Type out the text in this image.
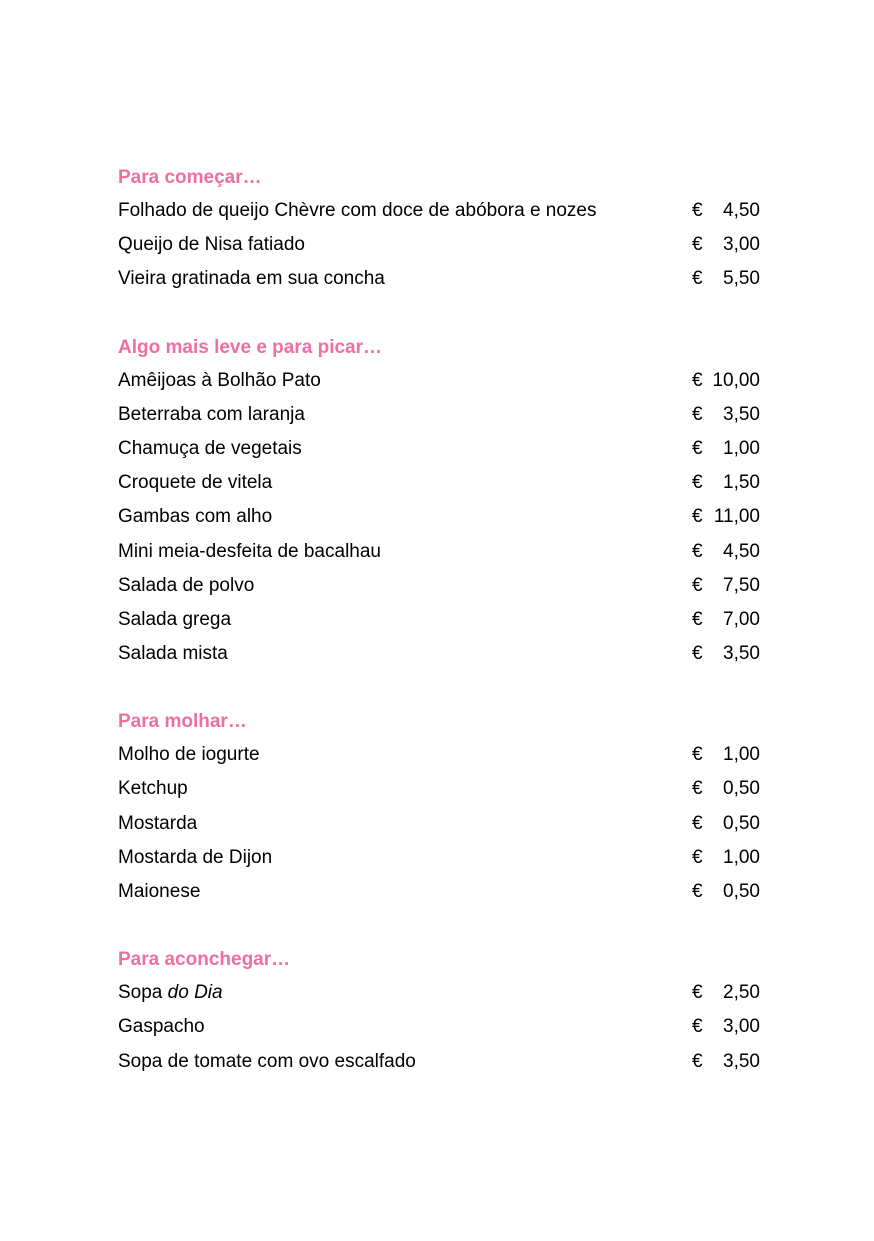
Para começar…
Folhado de queijo Chèvre com doce de abóbora e nozes	€ 4,50
Queijo de Nisa fatiado	€ 3,00
Vieira gratinada em sua concha	€ 5,50
Algo mais leve e para picar…
Amêijoas à Bolhão Pato	€ 10,00
Beterraba com laranja	€ 3,50
Chamuça de vegetais	€ 1,00
Croquete de vitela	€ 1,50
Gambas com alho	€ 11,00
Mini meia-desfeita de bacalhau	€ 4,50
Salada de polvo	€ 7,50
Salada grega	€ 7,00
Salada mista	€ 3,50
Para molhar…
Molho de iogurte	€ 1,00
Ketchup	€ 0,50
Mostarda	€ 0,50
Mostarda de Dijon	€ 1,00
Maionese	€ 0,50
Para aconchegar…
Sopa do Dia	€ 2,50
Gaspacho	€ 3,00
Sopa de tomate com ovo escalfado	€ 3,50
